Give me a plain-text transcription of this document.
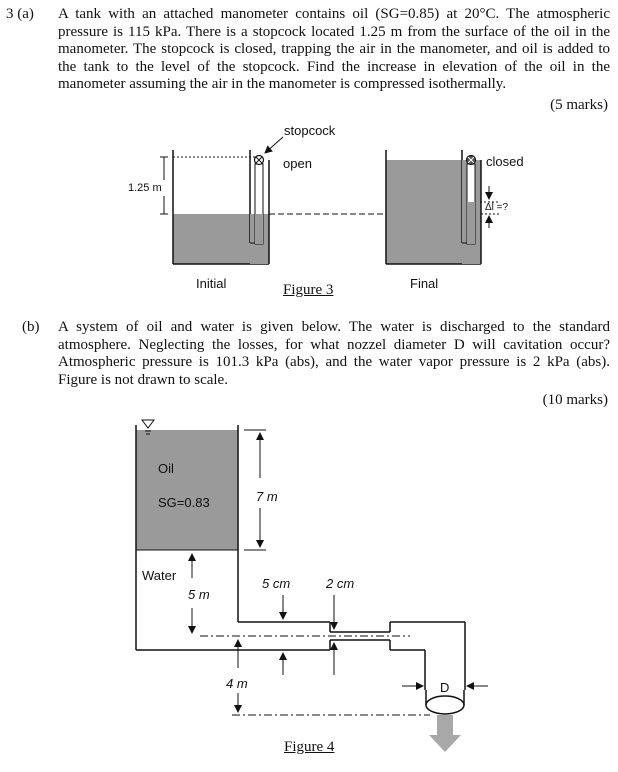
3 (a) A tank with an attached manometer contains oil (SG=0.85) at 20°C. The atmospheric pressure is 115 kPa. There is a stopcock located 1.25 m from the surface of the oil in the manometer. The stopcock is closed, trapping the air in the manometer, and oil is added to the tank to the level of the stopcock. Find the increase in elevation of the oil in the manometer assuming the air in the manometer is compressed isothermally.
(5 marks)
stopcock
open	closed
1.25 m
Δl =?
Initial	Final
Figure 3
(b) A system of oil and water is given below. The water is discharged to the standard atmosphere. Neglecting the losses, for what nozzel diameter D will cavitation occur? Atmospheric pressure is 101.3 kPa (abs), and the water vapor pressure is 2 kPa (abs). Figure is not drawn to scale.
(10 marks)
Oil
SG=0.83	7 m
Water
5 m
5 cm	2 cm
4 m	D
Figure 4
